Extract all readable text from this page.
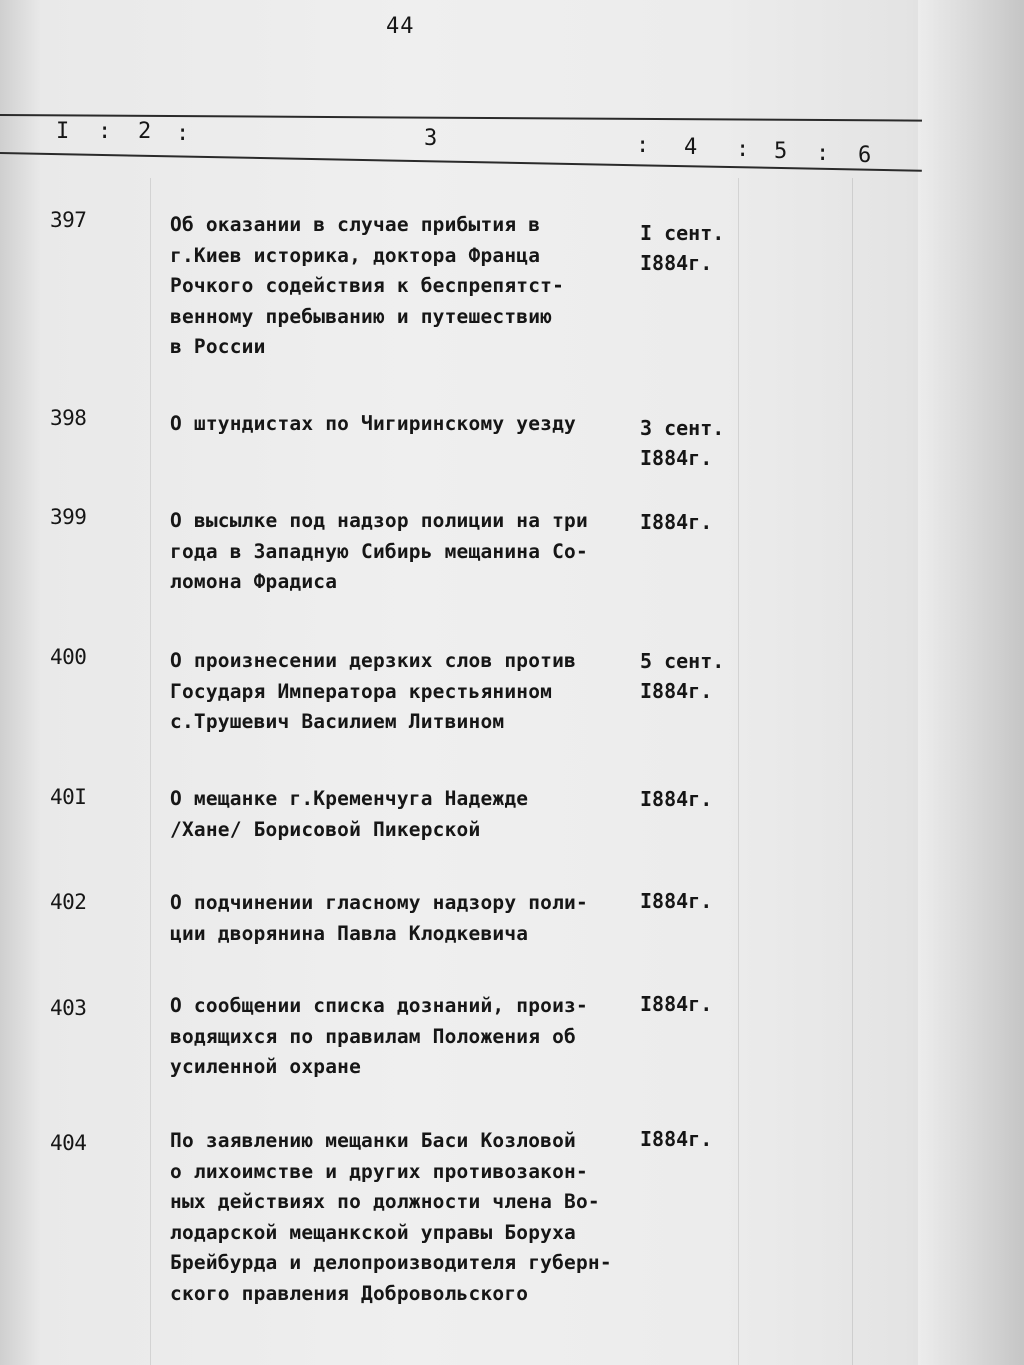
44
I : 2 :	3	: 4 : 5 : 6
397	Об оказании в случае прибытия в
г.Киев историка, доктора Франца
Рочкого содействия к беспрепятст-
венному пребыванию и путешествию
в России
I сент.
I884г.
398	О штундистах по Чигиринскому уезду	3 сент.
I884г.
399	О высылке под надзор полиции на три
года в Западную Сибирь мещанина Со-
ломона Фрадиса
I884г.
400	О произнесении дерзких слов против
Государя Императора крестьянином
с.Трушевич Василием Литвином
5 сент.
I884г.
40I	О мещанке г.Кременчуга Надежде
/Хане/ Борисовой Пикерской
I884г.
402	О подчинении гласному надзору поли-
ции дворянина Павла Клодкевича
I884г.
403	О сообщении списка дознаний, произ-
водящихся по правилам Положения об
усиленной охране
I884г.
404	По заявлению мещанки Баси Козловой
о лихоимстве и других противозакон-
ных действиях по должности члена Во-
лодарской мещанкской управы Боруха
Брейбурда и делопроизводителя губерн-
ского правления Добровольского
I884г.
